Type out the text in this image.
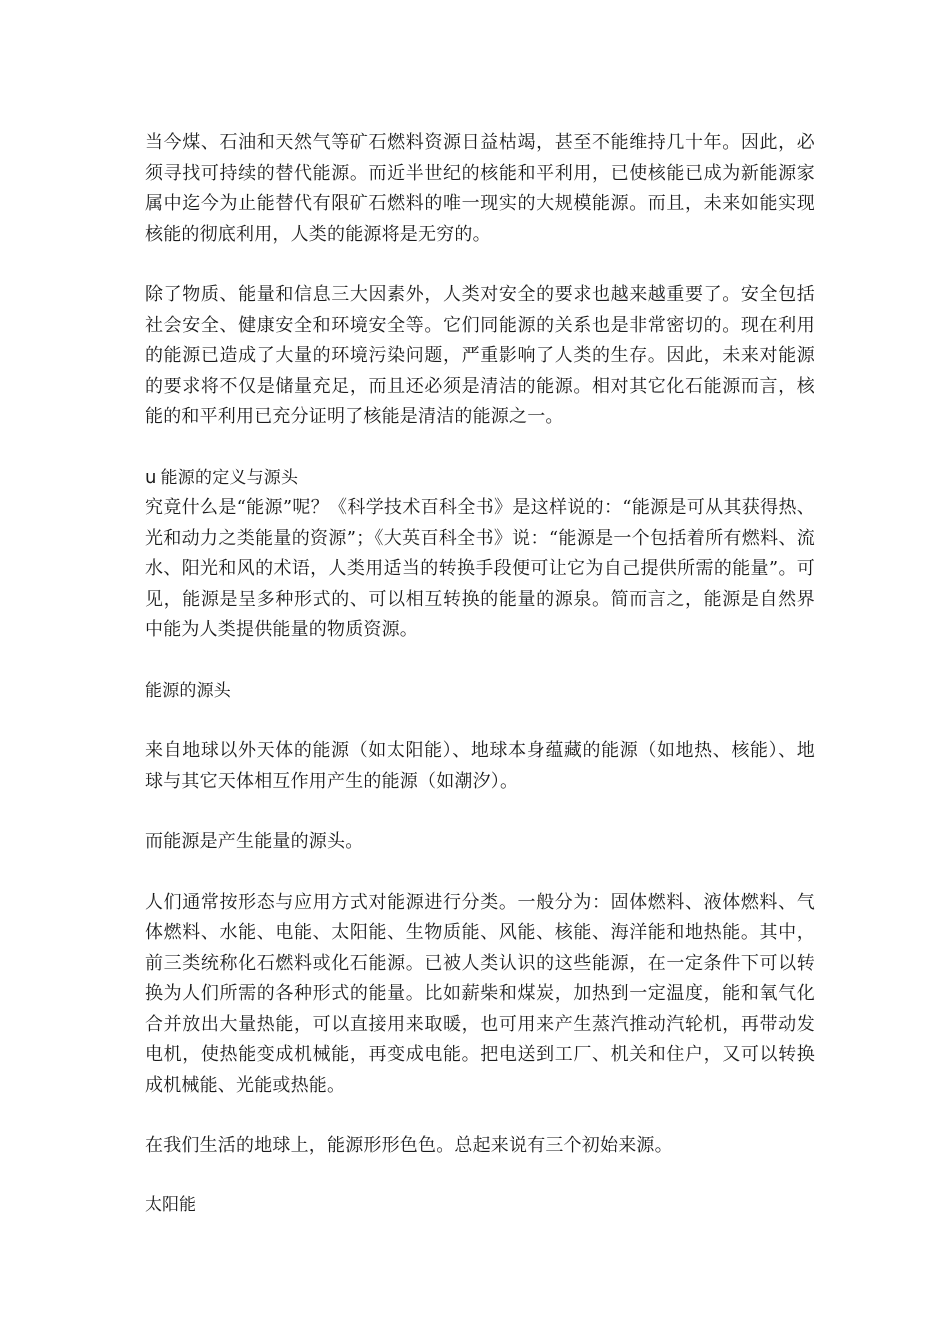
当今煤、石油和天然气等矿石燃料资源日益枯竭，甚至不能维持几十年。因此，必须寻找可持续的替代能源。而近半世纪的核能和平利用，已使核能已成为新能源家属中迄今为止能替代有限矿石燃料的唯一现实的大规模能源。而且，未来如能实现核能的彻底利用，人类的能源将是无穷的。

除了物质、能量和信息三大因素外，人类对安全的要求也越来越重要了。安全包括社会安全、健康安全和环境安全等。它们同能源的关系也是非常密切的。现在利用的能源已造成了大量的环境污染问题，严重影响了人类的生存。因此，未来对能源的要求将不仅是储量充足，而且还必须是清洁的能源。相对其它化石能源而言，核能的和平利用已充分证明了核能是清洁的能源之一。

u 能源的定义与源头

究竟什么是“能源”呢？《科学技术百科全书》是这样说的：“能源是可从其获得热、光和动力之类能量的资源”；《大英百科全书》说：“能源是一个包括着所有燃料、流水、阳光和风的术语，人类用适当的转换手段便可让它为自己提供所需的能量”。可见，能源是呈多种形式的、可以相互转换的能量的源泉。简而言之，能源是自然界中能为人类提供能量的物质资源。

能源的源头

来自地球以外天体的能源（如太阳能）、地球本身蕴藏的能源（如地热、核能）、地球与其它天体相互作用产生的能源（如潮汐）。

而能源是产生能量的源头。

人们通常按形态与应用方式对能源进行分类。一般分为：固体燃料、液体燃料、气体燃料、水能、电能、太阳能、生物质能、风能、核能、海洋能和地热能。其中，前三类统称化石燃料或化石能源。已被人类认识的这些能源，在一定条件下可以转换为人们所需的各种形式的能量。比如薪柴和煤炭，加热到一定温度，能和氧气化合并放出大量热能，可以直接用来取暖，也可用来产生蒸汽推动汽轮机，再带动发电机，使热能变成机械能，再变成电能。把电送到工厂、机关和住户，又可以转换成机械能、光能或热能。

在我们生活的地球上，能源形形色色。总起来说有三个初始来源。

太阳能
